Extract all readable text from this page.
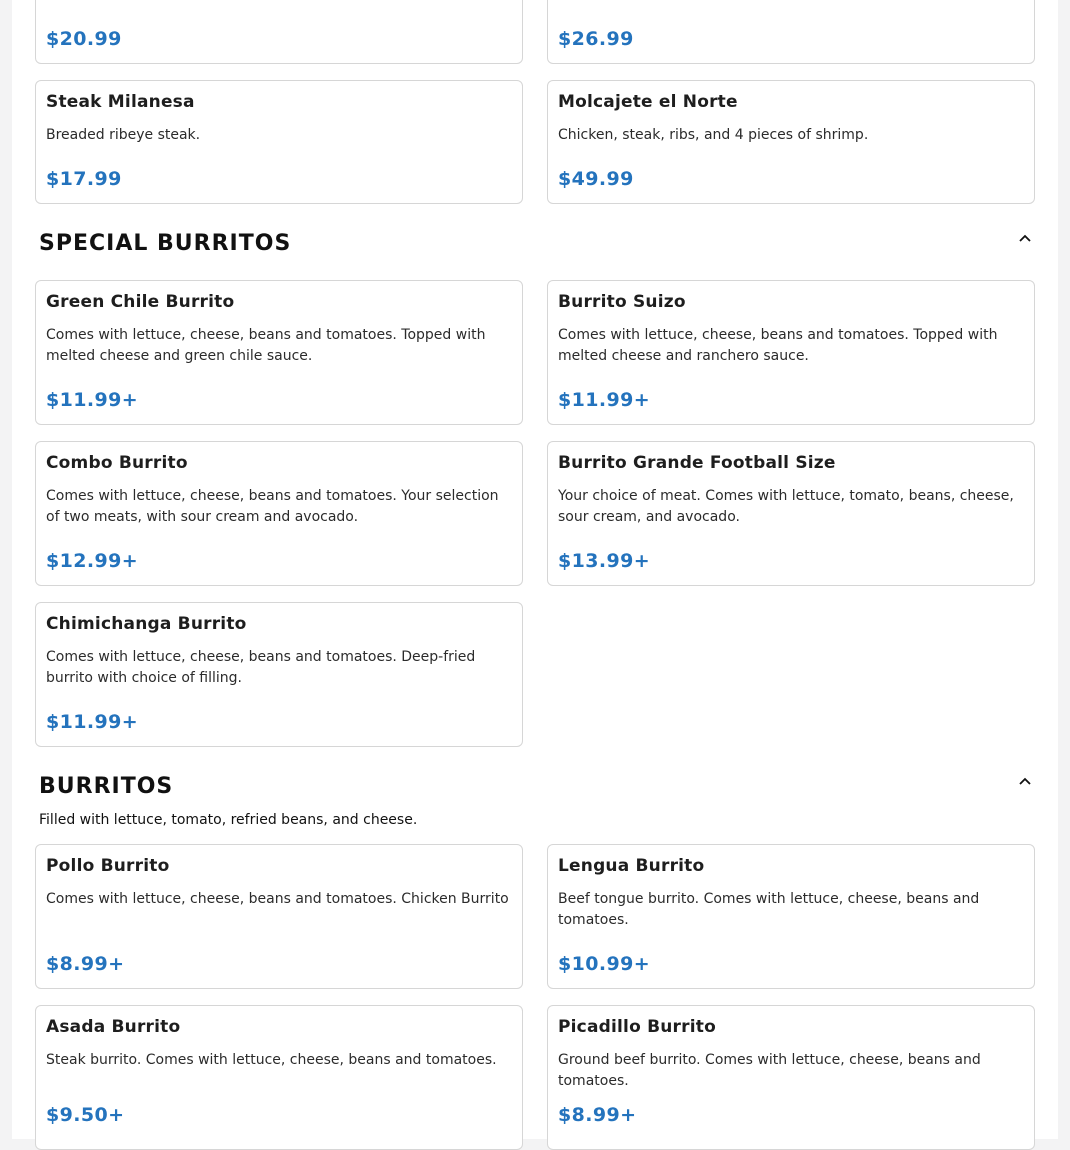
$20.99	$26.99
Steak Milanesa
Breaded ribeye steak.
$17.99
Molcajete el Norte
Chicken, steak, ribs, and 4 pieces of shrimp.
$49.99
SPECIAL BURRITOS
Green Chile Burrito
Comes with lettuce, cheese, beans and tomatoes. Topped with melted cheese and green chile sauce.
$11.99+
Burrito Suizo
Comes with lettuce, cheese, beans and tomatoes. Topped with melted cheese and ranchero sauce.
$11.99+
Combo Burrito
Comes with lettuce, cheese, beans and tomatoes. Your selection of two meats, with sour cream and avocado.
$12.99+
Burrito Grande Football Size
Your choice of meat. Comes with lettuce, tomato, beans, cheese, sour cream, and avocado.
$13.99+
Chimichanga Burrito
Comes with lettuce, cheese, beans and tomatoes. Deep-fried burrito with choice of filling.
$11.99+
BURRITOS
Filled with lettuce, tomato, refried beans, and cheese.
Pollo Burrito
Comes with lettuce, cheese, beans and tomatoes. Chicken Burrito
$8.99+
Lengua Burrito
Beef tongue burrito. Comes with lettuce, cheese, beans and tomatoes.
$10.99+
Asada Burrito
Steak burrito. Comes with lettuce, cheese, beans and tomatoes.
$9.50+
Picadillo Burrito
Ground beef burrito. Comes with lettuce, cheese, beans and tomatoes.
$8.99+
